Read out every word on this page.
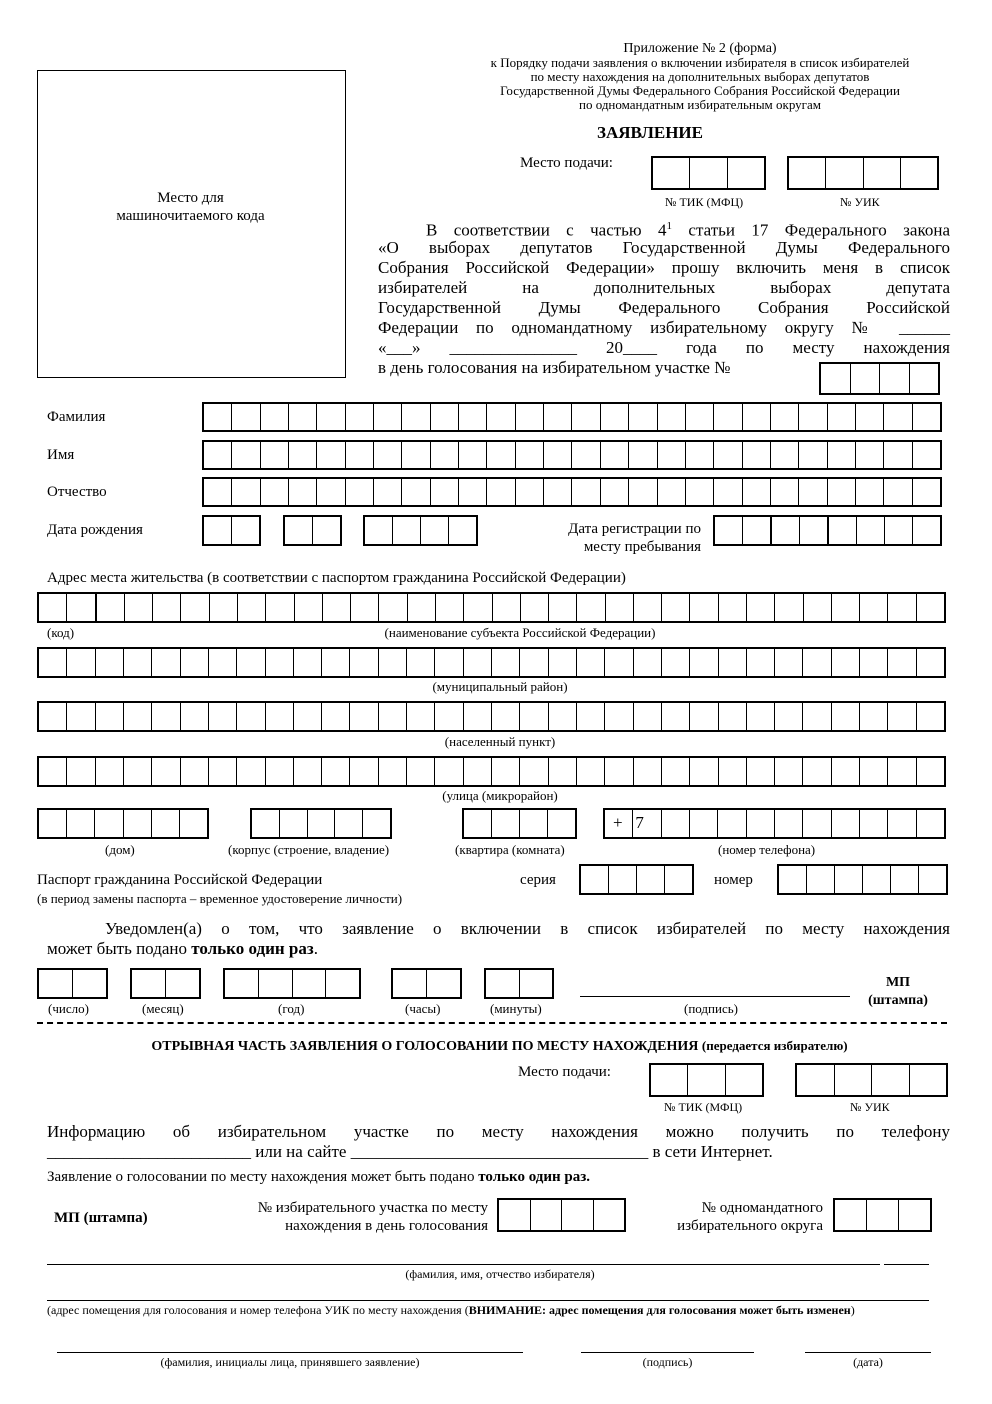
Приложение № 2 (форма)
к Порядку подачи заявления о включении избирателя в список избирателей
по месту нахождения на дополнительных выборах депутатов
Государственной Думы Федерального Собрания Российской Федерации
по одномандатным избирательным округам
Место для
машиночитаемого кода
ЗАЯВЛЕНИЕ
Место подачи:
№ ТИК (МФЦ)	№ УИК
В соответствии с частью $4^1$ статьи 17 Федерального закона
«О выборах депутатов Государственной Думы Федерального
Собрания Российской Федерации» прошу включить меня в список
избирателей на дополнительных выборах депутата
Государственной Думы Федерального Собрания Российской
Федерации по одномандатному избирательному округу № ______
«___» _______________ 20____ года по месту нахождения
в день голосования на избирательном участке №
Фамилия
Имя
Отчество
Дата рождения	Дата регистрации по
месту пребывания
Адрес места жительства (в соответствии с паспортом гражданина Российской Федерации)
(код)	(наименование субъекта Российской Федерации)
(муниципальный район)
(населенный пункт)
(улица (микрорайон)
+   7
(дом)	(корпус (строение, владение)	(квартира (комната)	(номер телефона)
Паспорт гражданина Российской Федерации
(в период замены паспорта – временное удостоверение личности)
серия	номер
Уведомлен(а) о том, что заявление о включении в список избирателей по месту нахождения
может быть подано только один раз.
(число)	(месяц)	(год)	(часы)	(минуты)	(подпись)
МП
(штампа)
ОТРЫВНАЯ ЧАСТЬ ЗАЯВЛЕНИЯ О ГОЛОСОВАНИИ ПО МЕСТУ НАХОЖДЕНИЯ (передается избирателю)
Место подачи:
№ ТИК (МФЦ)	№ УИК
Информацию об избирательном участке по месту нахождения можно получить по телефону
________________________ или на сайте ___________________________________ в сети Интернет.
Заявление о голосовании по месту нахождения может быть подано только один раз.
МП (штампа)
№ избирательного участка по месту
нахождения в день голосования
№ одномандатного
избирательного округа
(фамилия, имя, отчество избирателя)
(адрес помещения для голосования и номер телефона УИК по месту нахождения (ВНИМАНИЕ: адрес помещения для голосования может быть изменен)
(фамилия, инициалы лица, принявшего заявление)	(подпись)	(дата)
